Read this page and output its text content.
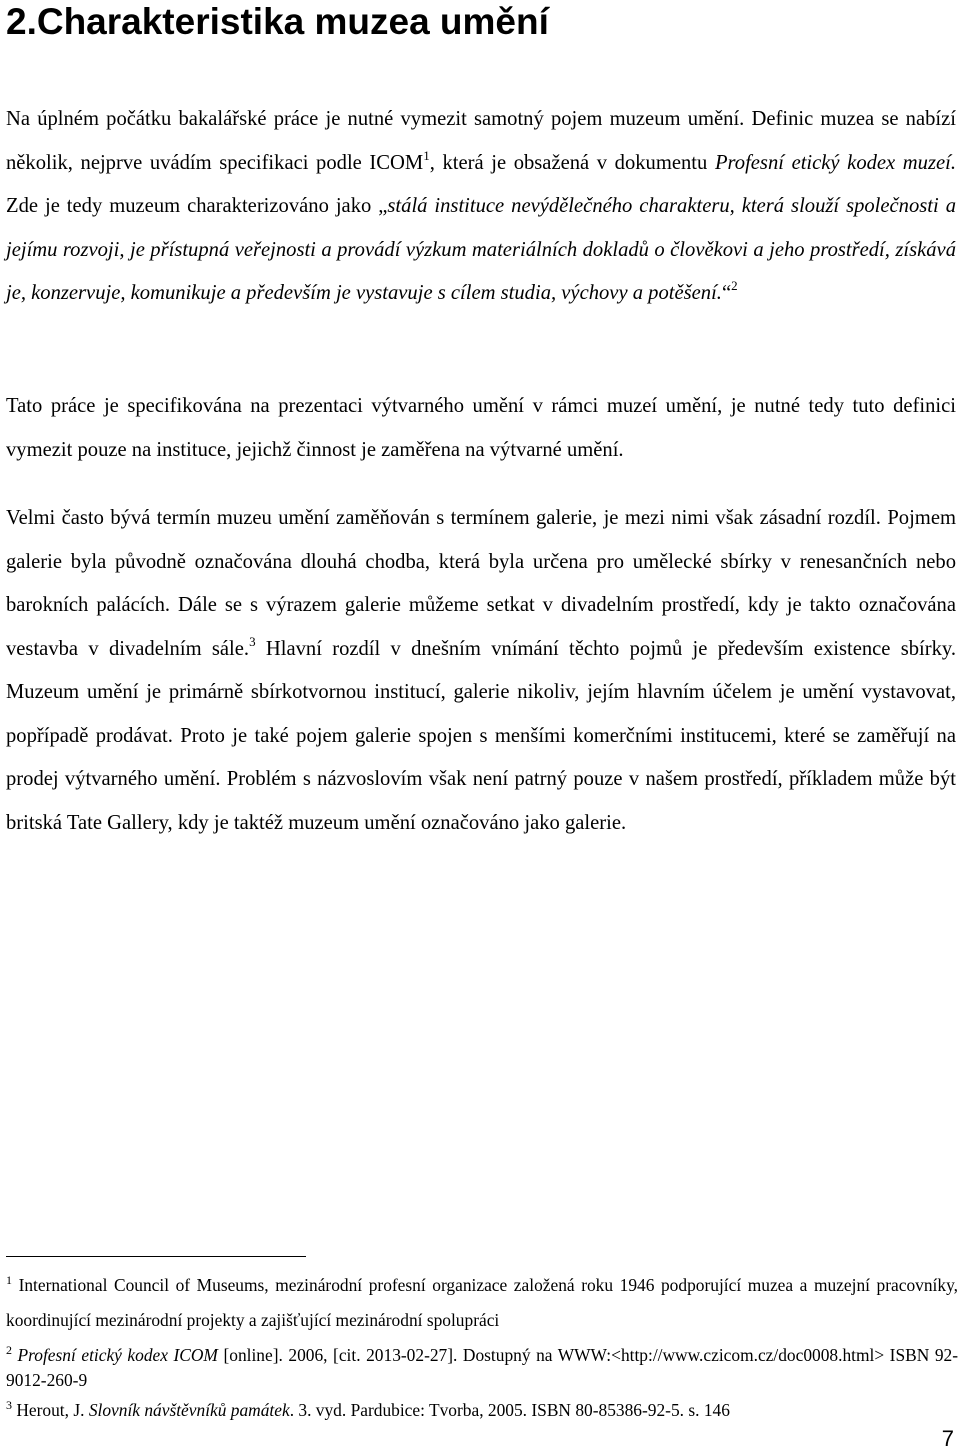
2.Charakteristika muzea umění

Na úplném počátku bakalářské práce je nutné vymezit samotný pojem muzeum umění. Definic muzea se nabízí několik, nejprve uvádím specifikaci podle ICOM$^1$, která je obsažená v dokumentu Profesní etický kodex muzeí. Zde je tedy muzeum charakterizováno jako „stálá instituce nevýdělečného charakteru, která slouží společnosti a jejímu rozvoji, je přístupná veřejnosti a provádí výzkum materiálních dokladů o člověkovi a jeho prostředí, získává je, konzervuje, komunikuje a především je vystavuje s cílem studia, výchovy a potěšení.“$^2$

Tato práce je specifikována na prezentaci výtvarného umění v rámci muzeí umění, je nutné tedy tuto definici vymezit pouze na instituce, jejichž činnost je zaměřena na výtvarné umění.

Velmi často bývá termín muzeu umění zaměňován s termínem galerie, je mezi nimi však zásadní rozdíl. Pojmem galerie byla původně označována dlouhá chodba, která byla určena pro umělecké sbírky v renesančních nebo barokních palácích. Dále se s výrazem galerie můžeme setkat v divadelním prostředí, kdy je takto označována vestavba v divadelním sále.$^3$ Hlavní rozdíl v dnešním vnímání těchto pojmů je především existence sbírky. Muzeum umění je primárně sbírkotvornou institucí, galerie nikoliv, jejím hlavním účelem je umění vystavovat, popřípadě prodávat. Proto je také pojem galerie spojen s menšími komerčními institucemi, které se zaměřují na prodej výtvarného umění. Problém s názvoslovím však není patrný pouze v našem prostředí, příkladem může být britská Tate Gallery, kdy je taktéž muzeum umění označováno jako galerie.

$^1$ International Council of Museums, mezinárodní profesní organizace založená roku 1946 podporující muzea a muzejní pracovníky, koordinující mezinárodní projekty a zajišťující mezinárodní spolupráci

$^2$ Profesní etický kodex ICOM [online]. 2006, [cit. 2013-02-27]. Dostupný na WWW:<http://www.czicom.cz/doc0008.html> ISBN 92-9012-260-9

$^3$ Herout, J. Slovník návštěvníků památek. 3. vyd. Pardubice: Tvorba, 2005. ISBN 80-85386-92-5. s. 146

7
